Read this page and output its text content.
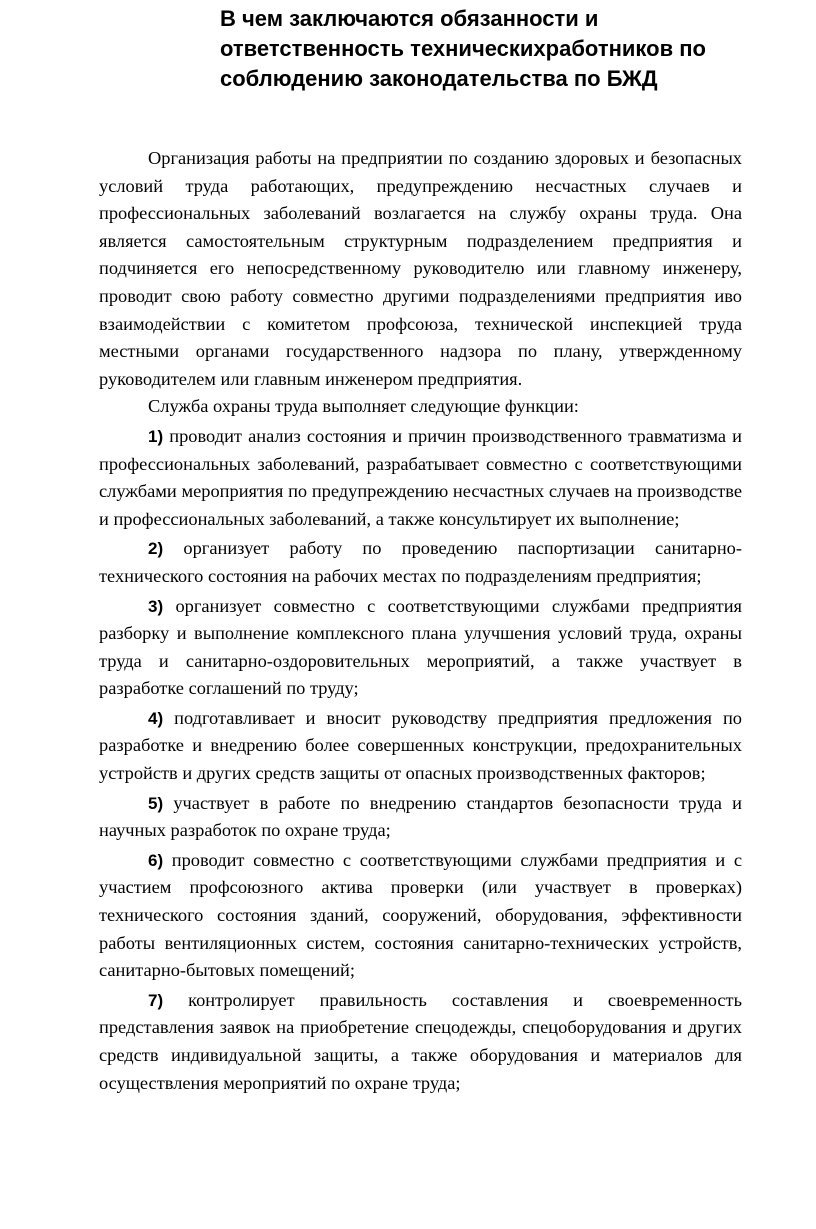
В чем заключаются обязанности и ответственность техническихработников по соблюдению законодательства по БЖД

Организация работы на предприятии по созданию здоровых и безопасных условий труда работающих, предупреждению несчастных случаев и профессиональных заболеваний возлагается на службу охраны труда. Она является самостоятельным структурным подразделением предприятия и подчиняется его непосредственному руководителю или главному инженеру, проводит свою работу совместно другими подразделениями предприятия иво взаимодействии с комитетом профсоюза, технической инспекцией труда местными органами государственного надзора по плану, утвержденному руководителем или главным инженером предприятия.

Служба охраны труда выполняет следующие функции:

1) проводит анализ состояния и причин производственного травматизма и профессиональных заболеваний, разрабатывает совместно с соответствующими службами мероприятия по предупреждению несчастных случаев на производстве и профессиональных заболеваний, а также консультирует их выполнение;

2) организует работу по проведению паспортизации санитарно-технического состояния на рабочих местах по подразделениям предприятия;

3) организует совместно с соответствующими службами предприятия разборку и выполнение комплексного плана улучшения условий труда, охраны труда и санитарно-оздоровительных мероприятий, а также участвует в разработке соглашений по труду;

4) подготавливает и вносит руководству предприятия предложения по разработке и внедрению более совершенных конструкции, предохранительных устройств и других средств защиты от опасных производственных факторов;

5) участвует в работе по внедрению стандартов безопасности труда и научных разработок по охране труда;

6) проводит совместно с соответствующими службами предприятия и с участием профсоюзного актива проверки (или участвует в проверках) технического состояния зданий, сооружений, оборудования, эффективности работы вентиляционных систем, состояния санитарно-технических устройств, санитарно-бытовых помещений;

7) контролирует правильность составления и своевременность представления заявок на приобретение спецодежды, спецоборудования и других средств индивидуальной защиты, а также оборудования и материалов для осуществления мероприятий по охране труда;
